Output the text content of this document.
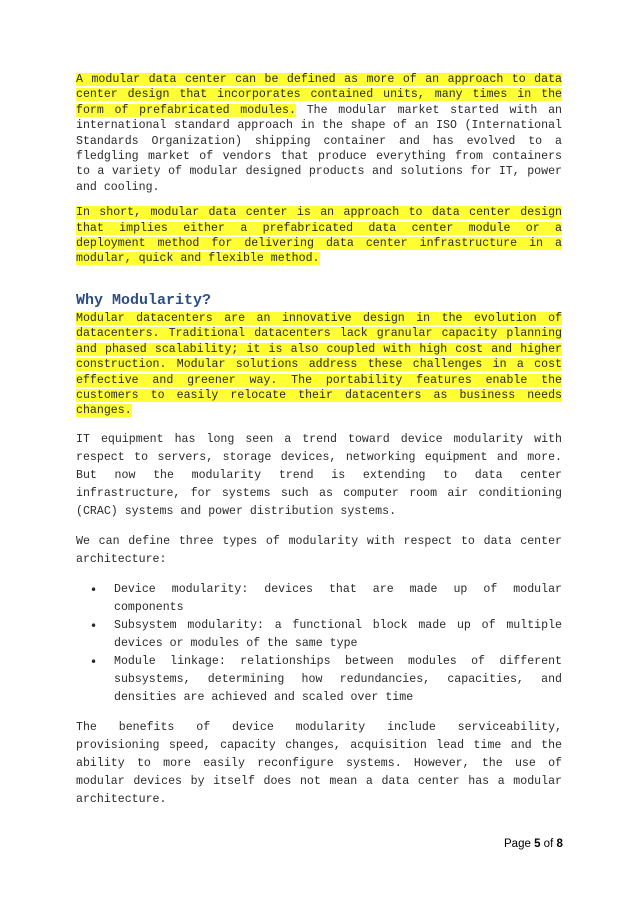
A modular data center can be defined as more of an approach to data center design that incorporates contained units, many times in the form of prefabricated modules. The modular market started with an international standard approach in the shape of an ISO (International Standards Organization) shipping container and has evolved to a fledgling market of vendors that produce everything from containers to a variety of modular designed products and solutions for IT, power and cooling.

In short, modular data center is an approach to data center design that implies either a prefabricated data center module or a deployment method for delivering data center infrastructure in a modular, quick and flexible method.

Why Modularity?

Modular datacenters are an innovative design in the evolution of datacenters. Traditional datacenters lack granular capacity planning and phased scalability; it is also coupled with high cost and higher construction. Modular solutions address these challenges in a cost effective and greener way. The portability features enable the customers to easily relocate their datacenters as business needs changes.

IT equipment has long seen a trend toward device modularity with respect to servers, storage devices, networking equipment and more. But now the modularity trend is extending to data center infrastructure, for systems such as computer room air conditioning (CRAC) systems and power distribution systems.

We can define three types of modularity with respect to data center architecture:

• Device modularity: devices that are made up of modular components
• Subsystem modularity: a functional block made up of multiple devices or modules of the same type
• Module linkage: relationships between modules of different subsystems, determining how redundancies, capacities, and densities are achieved and scaled over time

The benefits of device modularity include serviceability, provisioning speed, capacity changes, acquisition lead time and the ability to more easily reconfigure systems. However, the use of modular devices by itself does not mean a data center has a modular architecture.

Page 5 of 8
